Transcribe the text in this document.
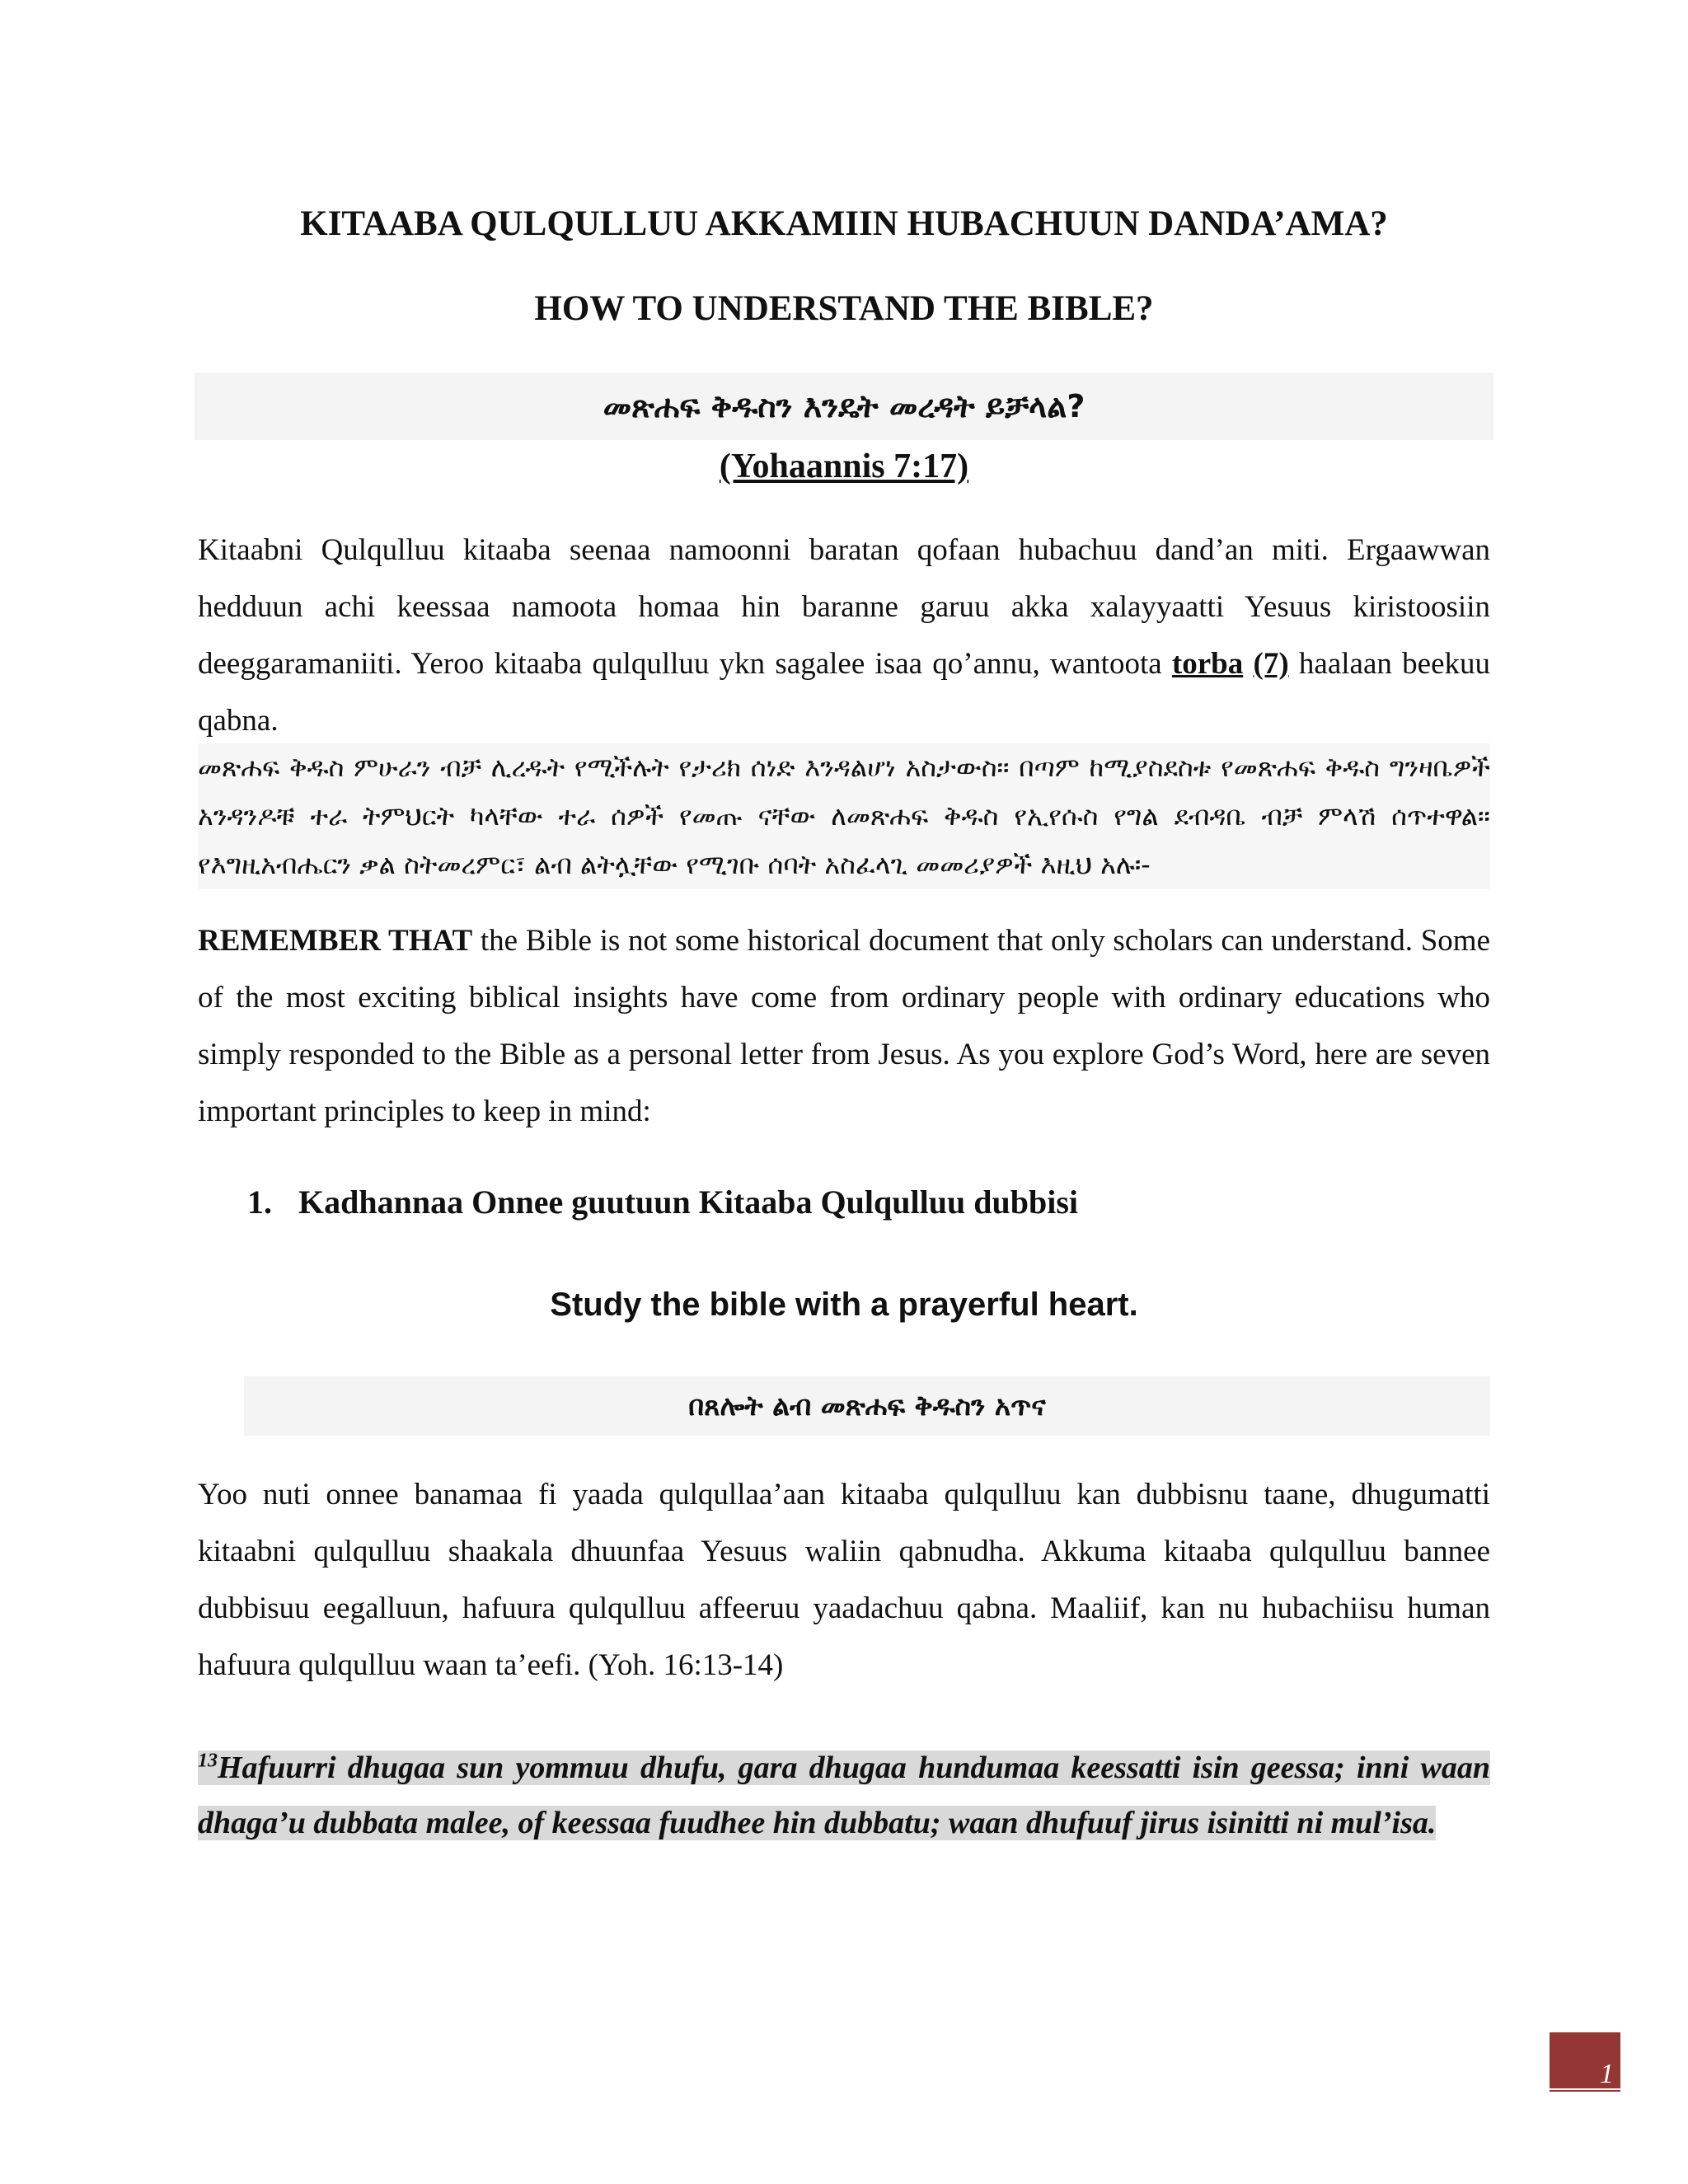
KITAABA QULQULLUU AKKAMIIN HUBACHUUN DANDA’AMA?
HOW TO UNDERSTAND THE BIBLE?
መጽሐፍ ቅዱስን እንዴት መረዳት ይቻላል?
(Yohaannis 7:17)

Kitaabni Qulqulluu kitaaba seenaa namoonni baratan qofaan hubachuu dand’an miti. Ergaawwan hedduun achi keessaa namoota homaa hin baranne garuu akka xalayyaatti Yesuus kiristoosiin deeggaramaniiti. Yeroo kitaaba qulqulluu ykn sagalee isaa qo’annu, wantoota torba (7) haalaan beekuu qabna.

መጽሐፍ ቅዱስ ምሁራን ብቻ ሊረዱት የሚችሉት የታሪክ ሰነድ እንዳልሆነ አስታውስ። በጣም ከሚያስደስቱ የመጽሐፍ ቅዱስ ግንዛቤዎች አንዳንዶቹ ተራ ትምህርት ካላቸው ተራ ሰዎች የመጡ ናቸው ለመጽሐፍ ቅዱስ የኢየሱስ የግል ደብዳቤ ብቻ ምላሽ ሰጥተዋል። የእግዚአብሔርን ቃል ስትመረምር፣ ልብ ልትሏቸው የሚገቡ ሰባት አስፈላጊ መመሪያዎች እዚህ አሉ፡-

REMEMBER THAT the Bible is not some historical document that only scholars can understand. Some of the most exciting biblical insights have come from ordinary people with ordinary educations who simply responded to the Bible as a personal letter from Jesus. As you explore God’s Word, here are seven important principles to keep in mind:

1. Kadhannaa Onnee guutuun Kitaaba Qulqulluu dubbisi

Study the bible with a prayerful heart.
በጸሎት ልብ መጽሐፍ ቅዱስን አጥና

Yoo nuti onnee banamaa fi yaada qulqullaa’aan kitaaba qulqulluu kan dubbisnu taane, dhugumatti kitaabni qulqulluu shaakala dhuunfaa Yesuus waliin qabnudha. Akkuma kitaaba qulqulluu bannee dubbisuu eegalluun, hafuura qulqulluu affeeruu yaadachuu qabna. Maaliif, kan nu hubachiisu human hafuura qulqulluu waan ta’eefi. (Yoh. 16:13-14)

$^{13}$Hafuurri dhugaa sun yommuu dhufu, gara dhugaa hundumaa keessatti isin geessa; inni waan dhaga’u dubbata malee, of keessaa fuudhee hin dubbatu; waan dhufuuf jirus isinitti ni mul’isa.

1
